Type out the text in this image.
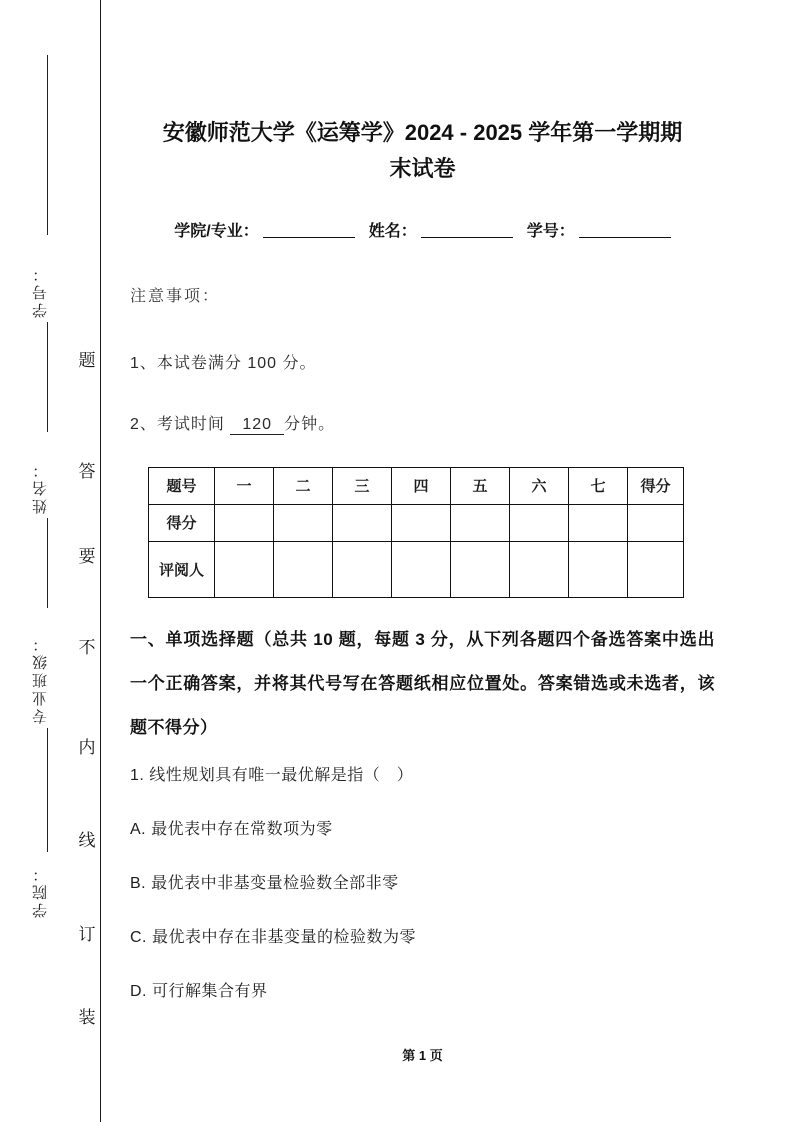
学号：
姓名：
专业班级：
学院：
题
答
要
不
内
线
订
装
安徽师范大学《运筹学》2024 - 2025 学年第一学期期
末试卷
学院/专业：	姓名：	学号：

注意事项：

1、本试卷满分 100 分。

2、考试时间 120 分钟。

题号	一	二	三	四	五	六	七	得分
得分								
评阅人								

一、单项选择题（总共 10 题，每题 3 分，从下列各题四个备选答案中选出一个正确答案，并将其代号写在答题纸相应位置处。答案错选或未选者，该题不得分）

1. 线性规划具有唯一最优解是指（　）

A. 最优表中存在常数项为零

B. 最优表中非基变量检验数全部非零

C. 最优表中存在非基变量的检验数为零

D. 可行解集合有界

第 1 页
